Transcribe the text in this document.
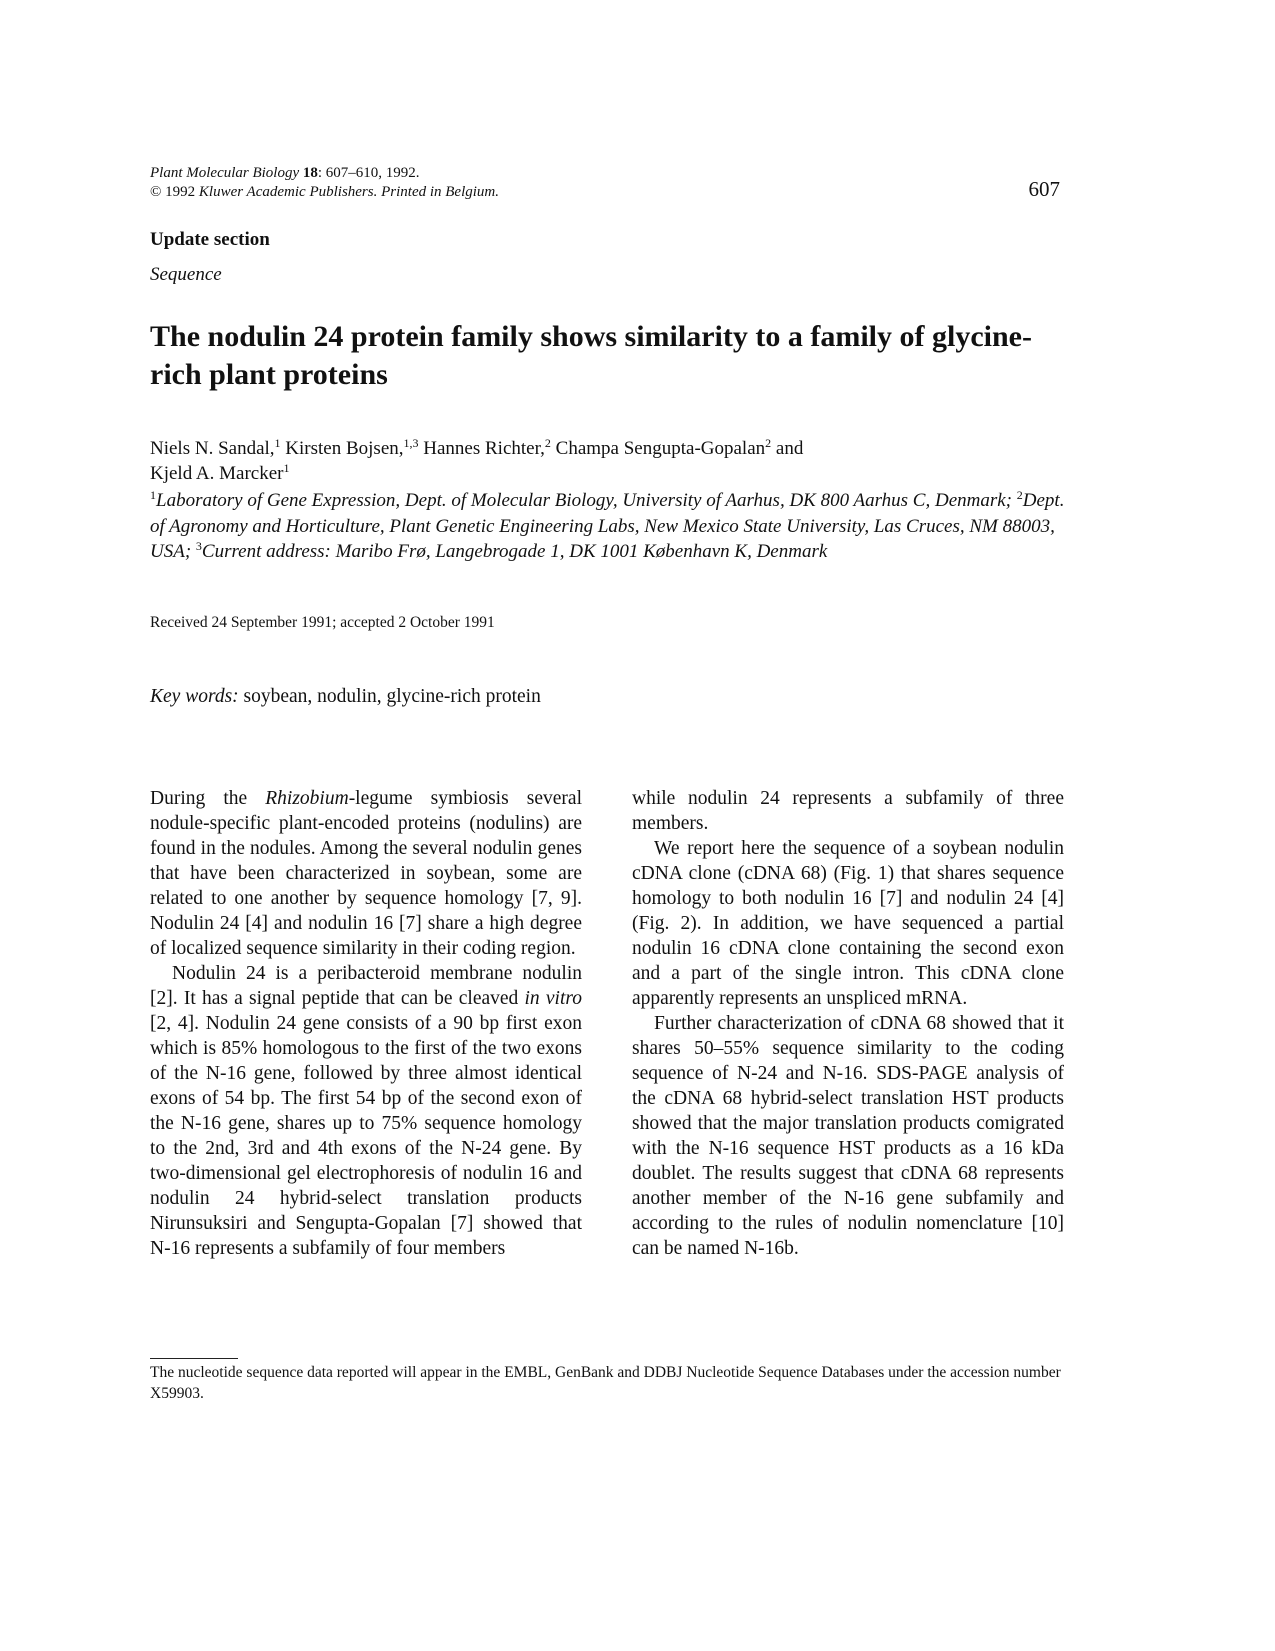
Plant Molecular Biology 18: 607–610, 1992.
© 1992 Kluwer Academic Publishers. Printed in Belgium.	607
Update section
Sequence
The nodulin 24 protein family shows similarity to a family of glycine-rich plant proteins
Niels N. Sandal,$^1$ Kirsten Bojsen,$^{1,3}$ Hannes Richter,$^2$ Champa Sengupta-Gopalan$^2$ and
Kjeld A. Marcker$^1$
$^1$Laboratory of Gene Expression, Dept. of Molecular Biology, University of Aarhus, DK 800 Aarhus C, Denmark; $^2$Dept. of Agronomy and Horticulture, Plant Genetic Engineering Labs, New Mexico State University, Las Cruces, NM 88003, USA; $^3$Current address: Maribo Frø, Langebrogade 1, DK 1001 København K, Denmark
Received 24 September 1991; accepted 2 October 1991
Key words: soybean, nodulin, glycine-rich protein

During the Rhizobium-legume symbiosis several nodule-specific plant-encoded proteins (nodulins) are found in the nodules. Among the several nodulin genes that have been characterized in soybean, some are related to one another by sequence homology [7, 9]. Nodulin 24 [4] and nodulin 16 [7] share a high degree of localized sequence similarity in their coding region.

Nodulin 24 is a peribacteroid membrane nodulin [2]. It has a signal peptide that can be cleaved in vitro [2, 4]. Nodulin 24 gene consists of a 90 bp first exon which is 85% homologous to the first of the two exons of the N-16 gene, followed by three almost identical exons of 54 bp. The first 54 bp of the second exon of the N-16 gene, shares up to 75% sequence homology to the 2nd, 3rd and 4th exons of the N-24 gene. By two-dimensional gel electrophoresis of nodulin 16 and nodulin 24 hybrid-select translation products Nirunsuksiri and Sengupta-Gopalan [7] showed that N-16 represents a subfamily of four members

while nodulin 24 represents a subfamily of three members.

We report here the sequence of a soybean nodulin cDNA clone (cDNA 68) (Fig. 1) that shares sequence homology to both nodulin 16 [7] and nodulin 24 [4] (Fig. 2). In addition, we have sequenced a partial nodulin 16 cDNA clone containing the second exon and a part of the single intron. This cDNA clone apparently represents an unspliced mRNA.

Further characterization of cDNA 68 showed that it shares 50–55% sequence similarity to the coding sequence of N-24 and N-16. SDS-PAGE analysis of the cDNA 68 hybrid-select translation HST products showed that the major translation products comigrated with the N-16 sequence HST products as a 16 kDa doublet. The results suggest that cDNA 68 represents another member of the N-16 gene subfamily and according to the rules of nodulin nomenclature [10] can be named N-16b.

The nucleotide sequence data reported will appear in the EMBL, GenBank and DDBJ Nucleotide Sequence Databases under the accession number X59903.
